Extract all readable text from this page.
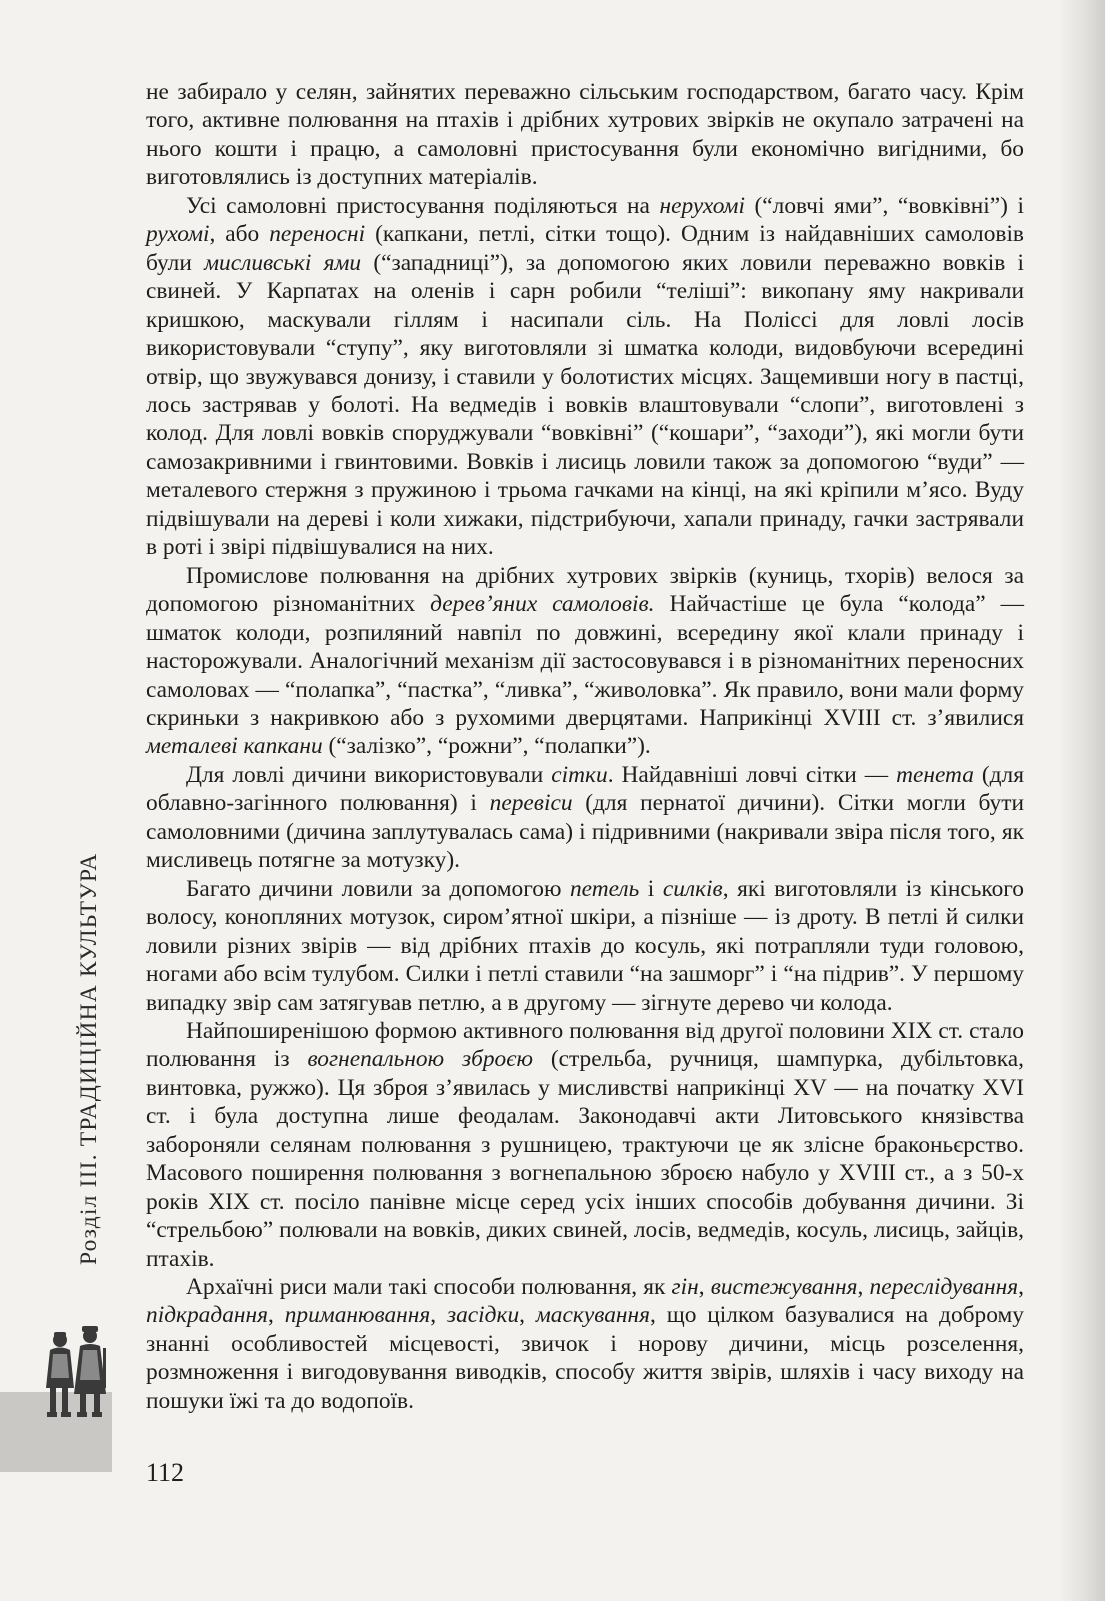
Розділ III. ТРАДИЦІЙНА КУЛЬТУРА

не забирало у селян, зайнятих переважно сільським господарством, багато часу. Крім того, активне полювання на птахів і дрібних хутрових звірків не окупало затрачені на нього кошти і працю, а самоловні пристосування були економічно вигідними, бо виготовлялись із доступних матеріалів.

Усі самоловні пристосування поділяються на нерухомі (“ловчі ями”, “вовківні”) і рухомі, або переносні (капкани, петлі, сітки тощо). Одним із найдавніших самоловів були мисливські ями (“западниці”), за допомогою яких ловили переважно вовків і свиней. У Карпатах на оленів і сарн робили “теліші”: викопану яму накривали кришкою, маскували гіллям і насипали сіль. На Поліссі для ловлі лосів використовували “ступу”, яку виготовляли зі шматка колоди, видовбуючи всередині отвір, що звужувався донизу, і ставили у болотистих місцях. Защемивши ногу в пастці, лось застрявав у болоті. На ведмедів і вовків влаштовували “слопи”, виготовлені з колод. Для ловлі вовків споруджували “вовківні” (“кошари”, “заходи”), які могли бути самозакривними і гвинтовими. Вовків і лисиць ловили також за допомогою “вуди” — металевого стержня з пружиною і трьома гачками на кінці, на які кріпили м’ясо. Вуду підвішували на дереві і коли хижаки, підстрибуючи, хапали принаду, гачки застрявали в роті і звірі підвішувалися на них.

Промислове полювання на дрібних хутрових звірків (куниць, тхорів) велося за допомогою різноманітних дерев’яних самоловів. Найчастіше це була “колода” — шматок колоди, розпиляний навпіл по довжині, всередину якої клали принаду і насторожували. Аналогічний механізм дії застосовувався і в різноманітних переносних самоловах — “полапка”, “пастка”, “ливка”, “живоловка”. Як правило, вони мали форму скриньки з накривкою або з рухомими дверцятами. Наприкінці XVIII ст. з’явилися металеві капкани (“залізко”, “рожни”, “полапки”).

Для ловлі дичини використовували сітки. Найдавніші ловчі сітки — тенета (для облавно-загінного полювання) і перевіси (для пернатої дичини). Сітки могли бути самоловними (дичина заплутувалась сама) і підривними (накривали звіра після того, як мисливець потягне за мотузку).

Багато дичини ловили за допомогою петель і силків, які виготовляли із кінського волосу, конопляних мотузок, сиром’ятної шкіри, а пізніше — із дроту. В петлі й силки ловили різних звірів — від дрібних птахів до косуль, які потрапляли туди головою, ногами або всім тулубом. Силки і петлі ставили “на зашморг” і “на підрив”. У першому випадку звір сам затягував петлю, а в другому — зігнуте дерево чи колода.

Найпоширенішою формою активного полювання від другої половини XIX ст. стало полювання із вогнепальною зброєю (стрельба, ручниця, шампурка, дубільтовка, винтовка, ружжо). Ця зброя з’явилась у мисливстві наприкінці XV — на початку XVI ст. і була доступна лише феодалам. Законодавчі акти Литовського князівства забороняли селянам полювання з рушницею, трактуючи це як злісне браконьєрство. Масового поширення полювання з вогнепальною зброєю набуло у XVIII ст., а з 50-х років XIX ст. посіло панівне місце серед усіх інших способів добування дичини. Зі “стрельбою” полювали на вовків, диких свиней, лосів, ведмедів, косуль, лисиць, зайців, птахів.

Архаїчні риси мали такі способи полювання, як гін, вистежування, переслідування, підкрадання, приманювання, засідки, маскування, що цілком базувалися на доброму знанні особливостей місцевості, звичок і норову дичини, місць розселення, розмноження і вигодовування виводків, способу життя звірів, шляхів і часу виходу на пошуки їжі та до водопоїв.

112
